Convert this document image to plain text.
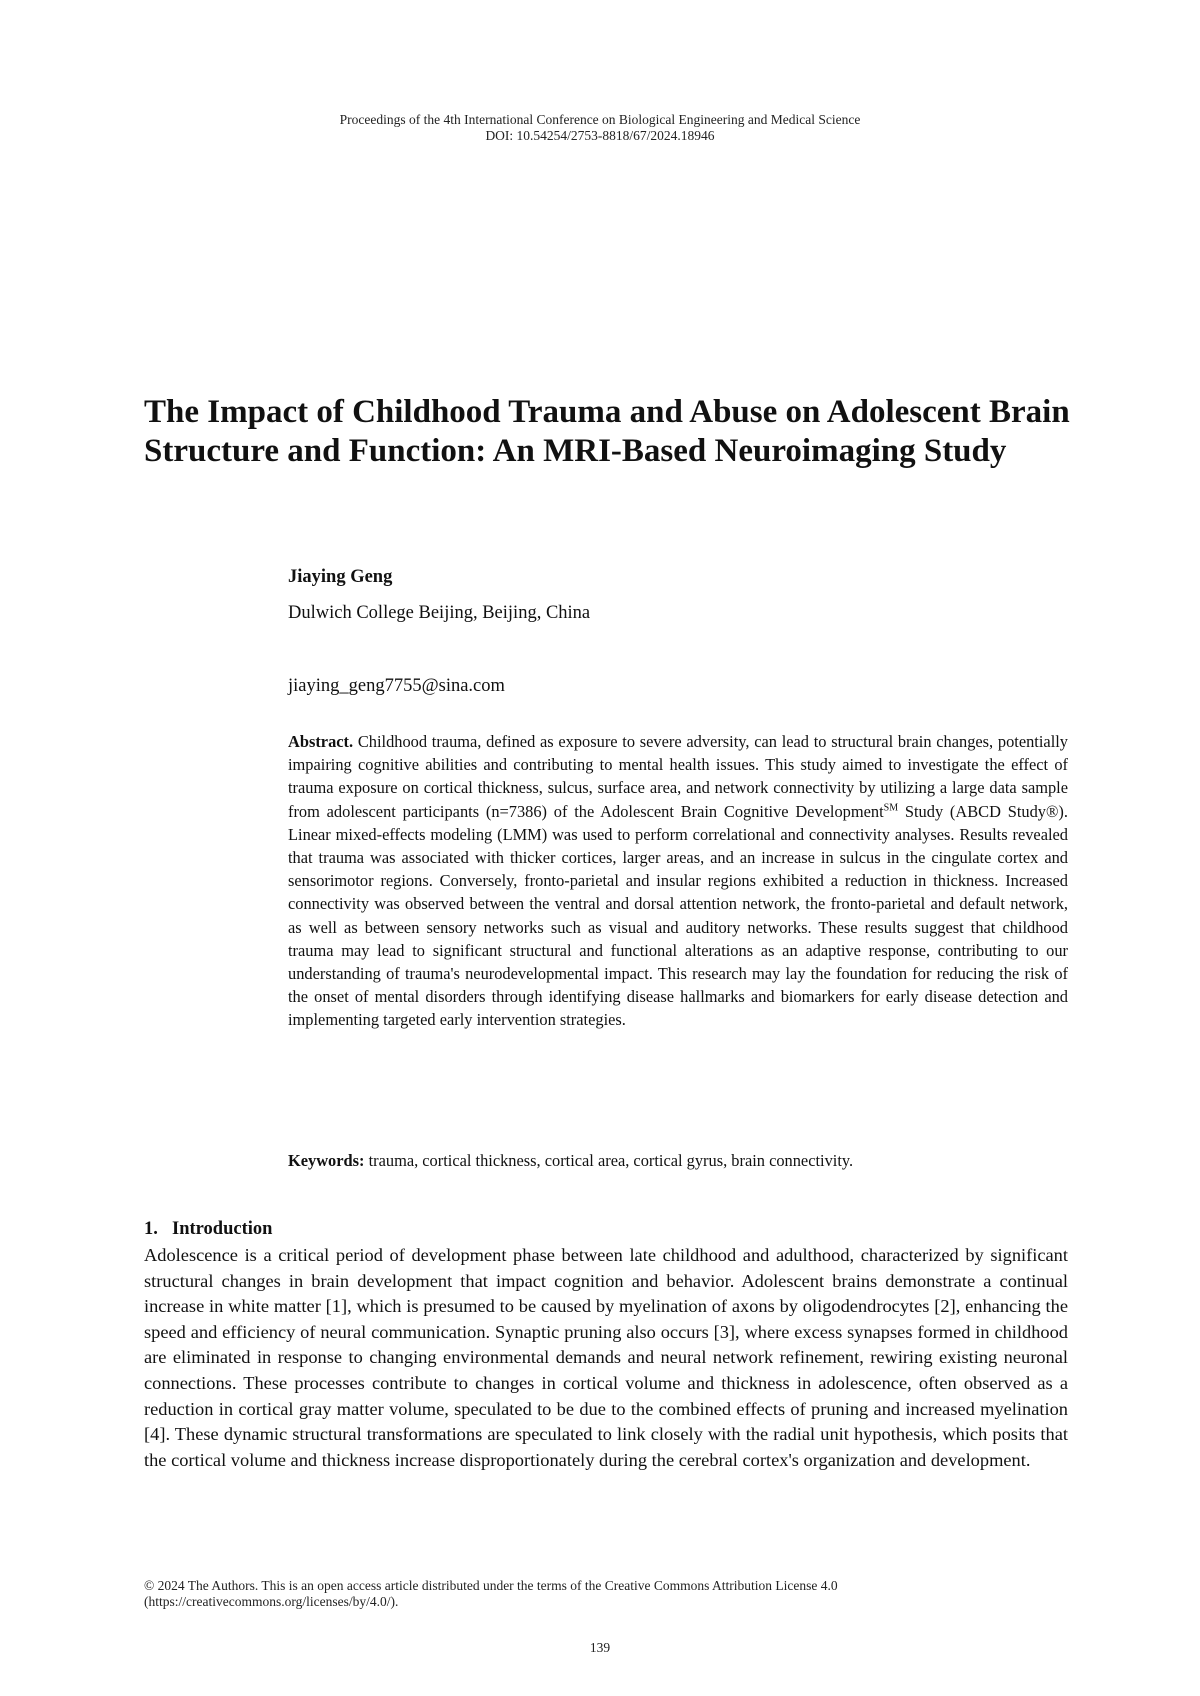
Proceedings of the 4th International Conference on Biological Engineering and Medical Science
DOI: 10.54254/2753-8818/67/2024.18946
The Impact of Childhood Trauma and Abuse on Adolescent Brain Structure and Function: An MRI-Based Neuroimaging Study
Jiaying Geng
Dulwich College Beijing, Beijing, China
jiaying_geng7755@sina.com

Abstract. Childhood trauma, defined as exposure to severe adversity, can lead to structural brain changes, potentially impairing cognitive abilities and contributing to mental health issues. This study aimed to investigate the effect of trauma exposure on cortical thickness, sulcus, surface area, and network connectivity by utilizing a large data sample from adolescent participants (n=7386) of the Adolescent Brain Cognitive Development℠ Study (ABCD Study®). Linear mixed-effects modeling (LMM) was used to perform correlational and connectivity analyses. Results revealed that trauma was associated with thicker cortices, larger areas, and an increase in sulcus in the cingulate cortex and sensorimotor regions. Conversely, fronto-parietal and insular regions exhibited a reduction in thickness. Increased connectivity was observed between the ventral and dorsal attention network, the fronto-parietal and default network, as well as between sensory networks such as visual and auditory networks. These results suggest that childhood trauma may lead to significant structural and functional alterations as an adaptive response, contributing to our understanding of trauma's neurodevelopmental impact. This research may lay the foundation for reducing the risk of the onset of mental disorders through identifying disease hallmarks and biomarkers for early disease detection and implementing targeted early intervention strategies.

Keywords: trauma, cortical thickness, cortical area, cortical gyrus, brain connectivity.
1. Introduction

Adolescence is a critical period of development phase between late childhood and adulthood, characterized by significant structural changes in brain development that impact cognition and behavior. Adolescent brains demonstrate a continual increase in white matter [1], which is presumed to be caused by myelination of axons by oligodendrocytes [2], enhancing the speed and efficiency of neural communication. Synaptic pruning also occurs [3], where excess synapses formed in childhood are eliminated in response to changing environmental demands and neural network refinement, rewiring existing neuronal connections. These processes contribute to changes in cortical volume and thickness in adolescence, often observed as a reduction in cortical gray matter volume, speculated to be due to the combined effects of pruning and increased myelination [4]. These dynamic structural transformations are speculated to link closely with the radial unit hypothesis, which posits that the cortical volume and thickness increase disproportionately during the cerebral cortex's organization and development.

© 2024 The Authors. This is an open access article distributed under the terms of the Creative Commons Attribution License 4.0
(https://creativecommons.org/licenses/by/4.0/).
139
